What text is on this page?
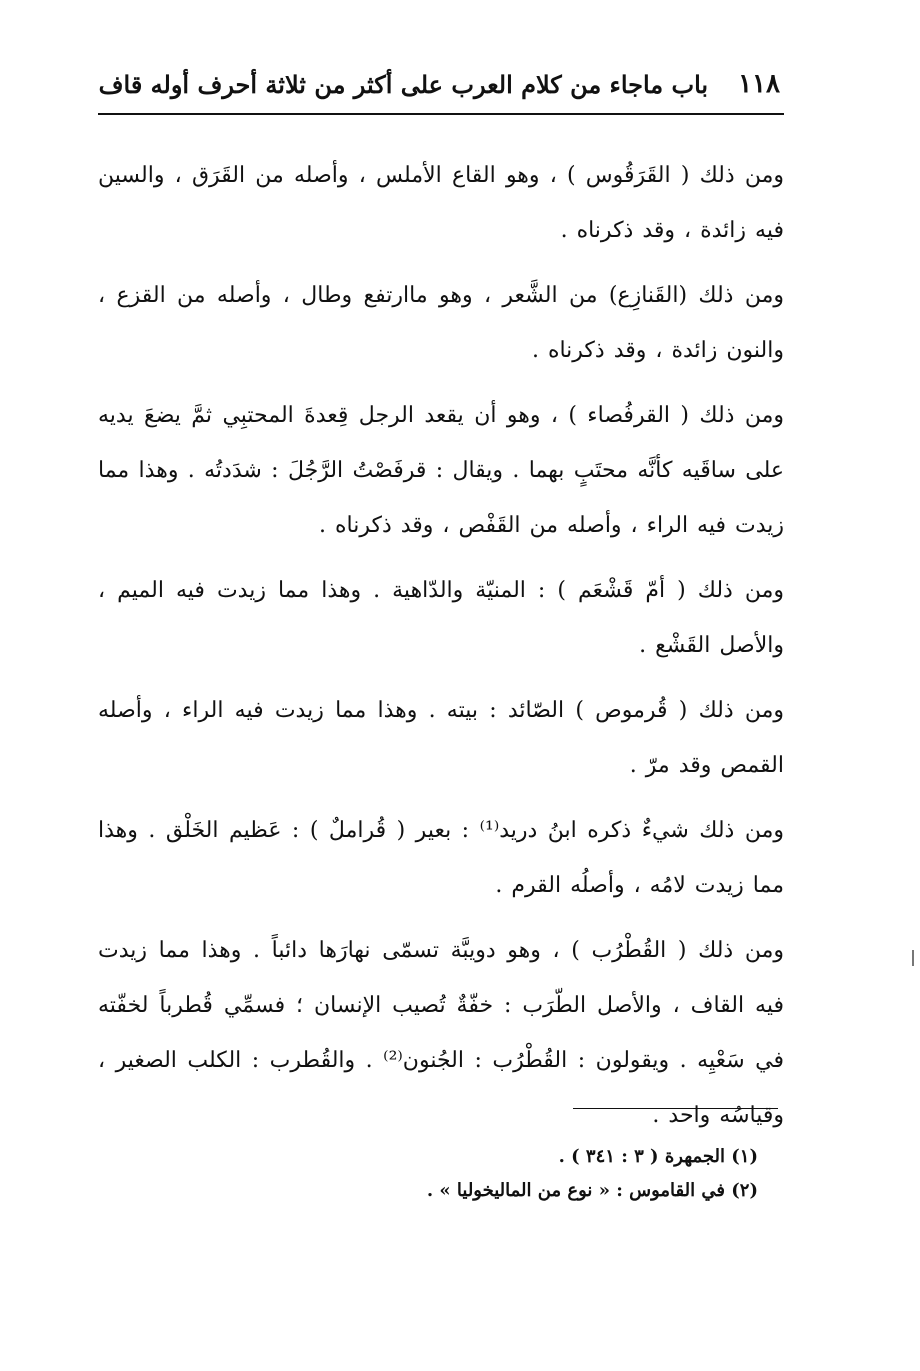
١١٨
باب ماجاء من كلام العرب على أكثر من ثلاثة أحرف أوله قاف

ومن ذلك ( القَرَقُوس ) ، وهو القاع الأملس ، وأصله من القَرَق ، والسين فيه زائدة ، وقد ذكرناه .

ومن ذلك (القَنازِع) من الشَّعر ، وهو ماارتفع وطال ، وأصله من القزع ، والنون زائدة ، وقد ذكرناه .

ومن ذلك ( القرفُصاء ) ، وهو أن يقعد الرجل قِعدةَ المحتبِي ثمَّ يضعَ يديه على ساقَيه كأنَّه محتَبٍ بهما . ويقال : قرفَصْتُ الرَّجُلَ : شدَدتُه . وهذا مما زيدت فيه الراء ، وأصله من القَفْص ، وقد ذكرناه .

ومن ذلك ( أمّ قَشْعَم ) : المنيّة والدّاهية . وهذا مما زيدت فيه الميم ، والأصل القَشْع .

ومن ذلك ( قُرموص ) الصّائد : بيته . وهذا مما زيدت فيه الراء ، وأصله القمص وقد مرّ .

ومن ذلك شيءٌ ذكره ابنُ دريد⁽¹⁾ : بعير ( قُراملٌ ) : عَظيم الخَلْق . وهذا مما زيدت لامُه ، وأصلُه القرم .

ومن ذلك ( القُطْرُب ) ، وهو دويبَّة تسمّى نهارَها دائباً . وهذا مما زيدت فيه القاف ، والأصل الطّرَب : خفّةٌ تُصيب الإنسان ؛ فسمِّي قُطرباً لخفّته في سَعْيِه . ويقولون : القُطْرُب : الجُنون⁽²⁾ . والقُطرب : الكلب الصغير ، وقياسُه واحد .

(١) الجمهرة ( ٣ : ٣٤١ ) .
(٢) في القاموس : « نوع من الماليخوليا » .
